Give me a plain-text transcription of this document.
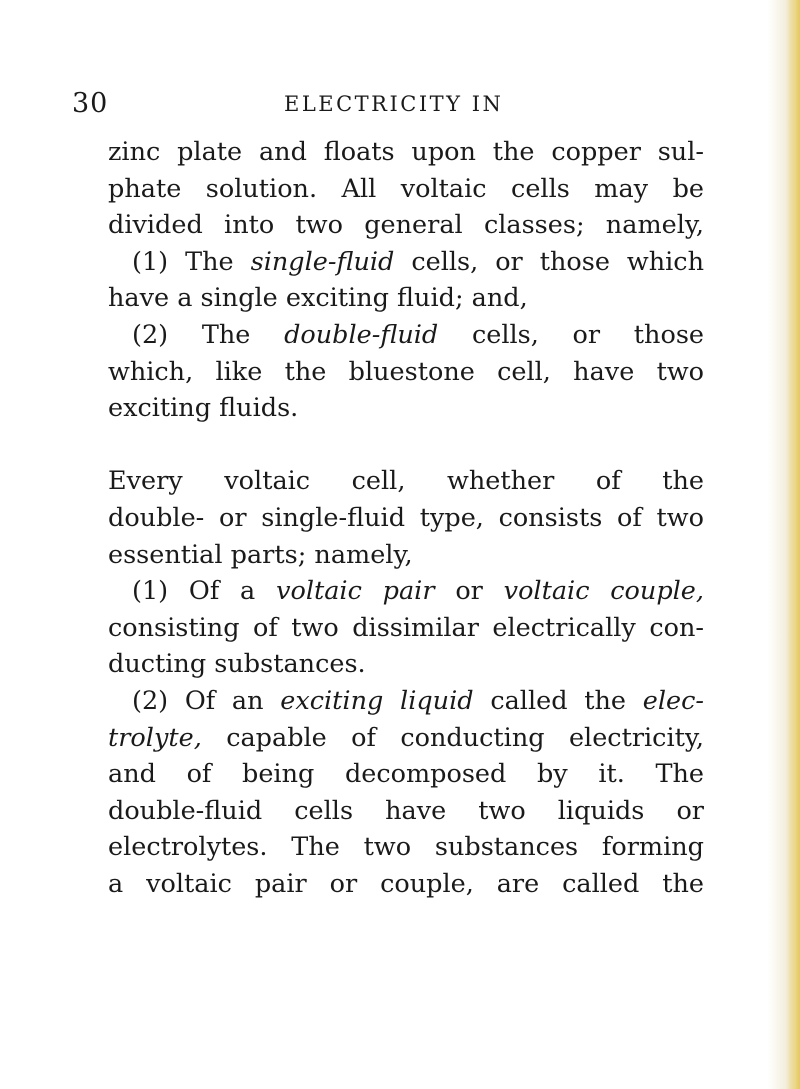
30	ELECTRICITY IN
zinc plate and floats upon the copper sul-
phate solution. All voltaic cells may be
divided into two general classes; namely,
(1) The single-fluid cells, or those which
have a single exciting fluid; and,
(2) The double-fluid cells, or those
which, like the bluestone cell, have two
exciting fluids.
Every voltaic cell, whether of the
double- or single-fluid type, consists of two
essential parts; namely,
(1) Of a voltaic pair or voltaic couple,
consisting of two dissimilar electrically con-
ducting substances.
(2) Of an exciting liquid called the elec-
trolyte, capable of conducting electricity,
and of being decomposed by it. The
double-fluid cells have two liquids or
electrolytes. The two substances forming
a voltaic pair or couple, are called the
